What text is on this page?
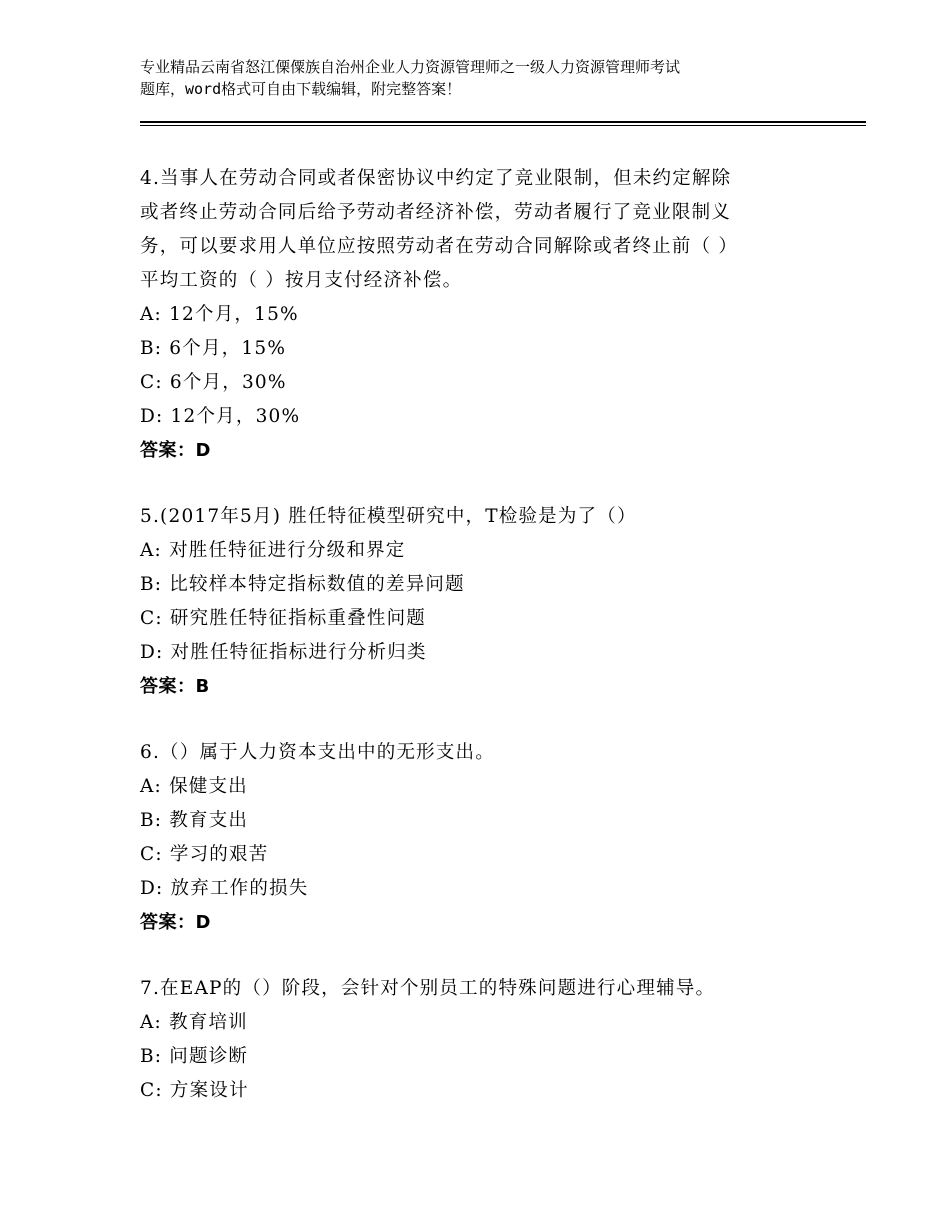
专业精品云南省怒江傈僳族自治州企业人力资源管理师之一级人力资源管理师考试
题库，word格式可自由下载编辑，附完整答案！
4.当事人在劳动合同或者保密协议中约定了竞业限制，但未约定解除
或者终止劳动合同后给予劳动者经济补偿，劳动者履行了竞业限制义
务，可以要求用人单位应按照劳动者在劳动合同解除或者终止前（ ）
平均工资的（ ）按月支付经济补偿。
A: 12个月，15%
B: 6个月，15%
C: 6个月，30%
D: 12个月，30%
答案：D
5.(2017年5月) 胜任特征模型研究中，T检验是为了（）
A: 对胜任特征进行分级和界定
B: 比较样本特定指标数值的差异问题
C: 研究胜任特征指标重叠性问题
D: 对胜任特征指标进行分析归类
答案：B
6.（）属于人力资本支出中的无形支出。
A: 保健支出
B: 教育支出
C: 学习的艰苦
D: 放弃工作的损失
答案：D
7.在EAP的（）阶段，会针对个别员工的特殊问题进行心理辅导。
A: 教育培训
B: 问题诊断
C: 方案设计
